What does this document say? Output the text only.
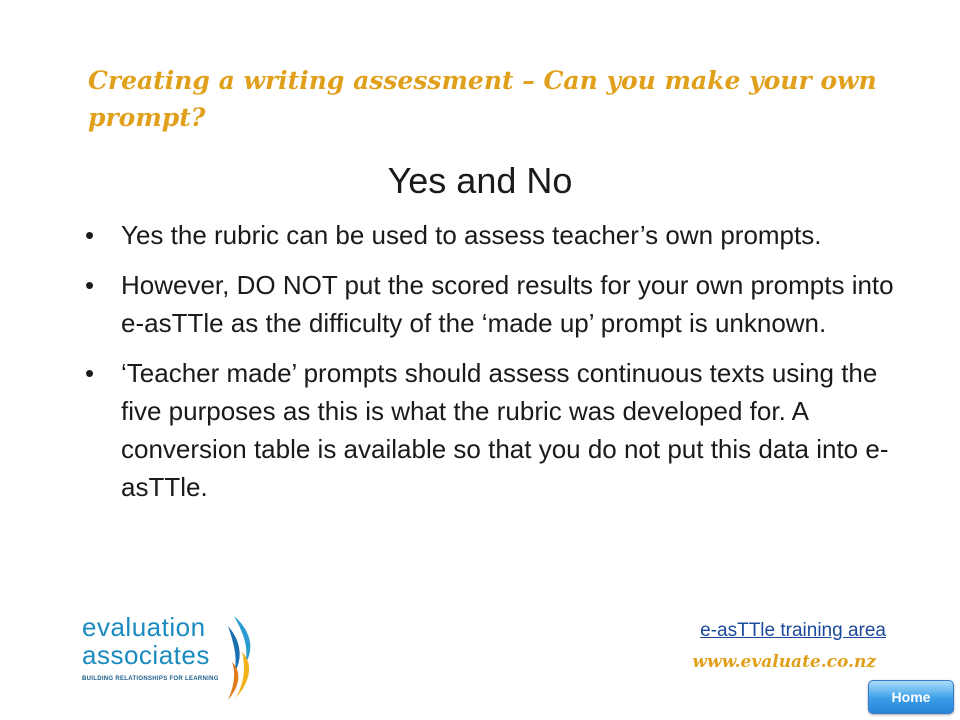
Creating a writing assessment – Can you make your own prompt?
Yes and No
• Yes the rubric can be used to assess teacher’s own prompts.
• However, DO NOT put the scored results for your own prompts into e-asTTle as the difficulty of the ‘made up’ prompt is unknown.
• ‘Teacher made’ prompts should assess continuous texts using the five purposes as this is what the rubric was developed for. A conversion table is available so that you do not put this data into e-asTTle.
evaluation
associates
BUILDING RELATIONSHIPS FOR LEARNING
e-asTTle training area
www.evaluate.co.nz
Home
